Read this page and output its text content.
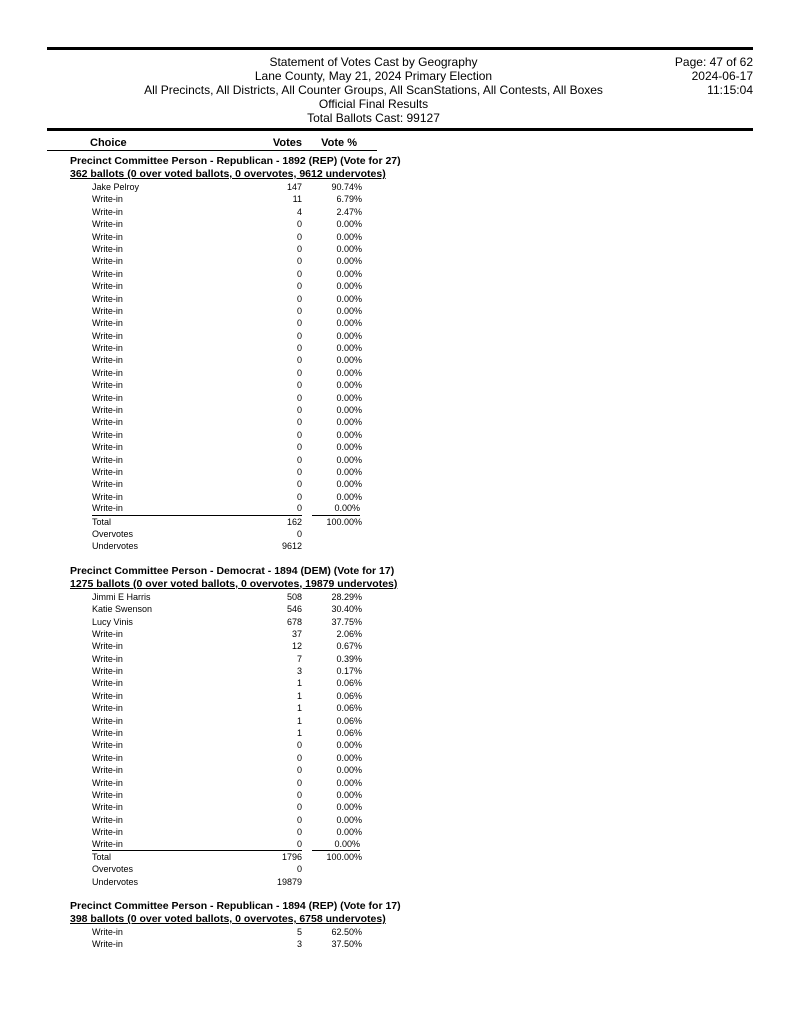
Statement of Votes Cast by Geography
Lane County, May 21, 2024 Primary Election
All Precincts, All Districts, All Counter Groups, All ScanStations, All Contests, All Boxes
Official Final Results
Total Ballots Cast: 99127
Page: 47 of 62
2024-06-17
11:15:04
Choice	Votes	Vote %
Precinct Committee Person - Republican - 1892 (REP) (Vote for 27)
362 ballots (0 over voted ballots, 0 overvotes, 9612 undervotes)
Jake Pelroy	147	90.74%
Write-in	11	6.79%
Write-in	4	2.47%
Write-in	0	0.00%
Write-in	0	0.00%
Write-in	0	0.00%
Write-in	0	0.00%
Write-in	0	0.00%
Write-in	0	0.00%
Write-in	0	0.00%
Write-in	0	0.00%
Write-in	0	0.00%
Write-in	0	0.00%
Write-in	0	0.00%
Write-in	0	0.00%
Write-in	0	0.00%
Write-in	0	0.00%
Write-in	0	0.00%
Write-in	0	0.00%
Write-in	0	0.00%
Write-in	0	0.00%
Write-in	0	0.00%
Write-in	0	0.00%
Write-in	0	0.00%
Write-in	0	0.00%
Write-in	0	0.00%
Write-in	0	0.00%
Total	162	100.00%
Overvotes	0
Undervotes	9612
Precinct Committee Person - Democrat - 1894 (DEM) (Vote for 17)
1275 ballots (0 over voted ballots, 0 overvotes, 19879 undervotes)
Jimmi E Harris	508	28.29%
Katie Swenson	546	30.40%
Lucy Vinis	678	37.75%
Write-in	37	2.06%
Write-in	12	0.67%
Write-in	7	0.39%
Write-in	3	0.17%
Write-in	1	0.06%
Write-in	1	0.06%
Write-in	1	0.06%
Write-in	1	0.06%
Write-in	1	0.06%
Write-in	0	0.00%
Write-in	0	0.00%
Write-in	0	0.00%
Write-in	0	0.00%
Write-in	0	0.00%
Write-in	0	0.00%
Write-in	0	0.00%
Write-in	0	0.00%
Write-in	0	0.00%
Total	1796	100.00%
Overvotes	0
Undervotes	19879
Precinct Committee Person - Republican - 1894 (REP) (Vote for 17)
398 ballots (0 over voted ballots, 0 overvotes, 6758 undervotes)
Write-in	5	62.50%
Write-in	3	37.50%
